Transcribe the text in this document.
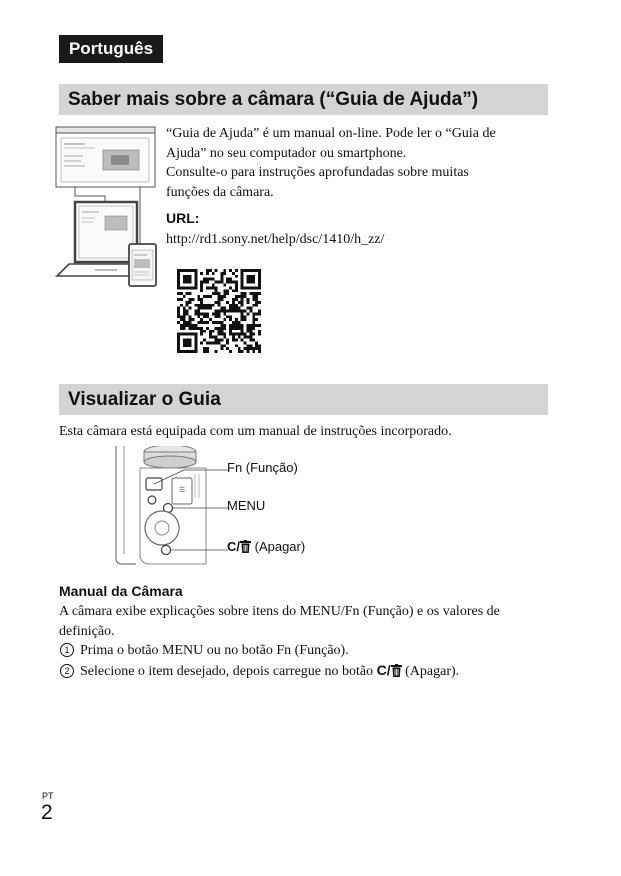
Português
Saber mais sobre a câmara (“Guia de Ajuda”)
“Guia de Ajuda” é um manual on-line. Pode ler o “Guia de
Ajuda” no seu computador ou smartphone.
Consulte-o para instruções aprofundadas sobre muitas
funções da câmara.
URL:
http://rd1.sony.net/help/dsc/1410/h_zz/
Visualizar o Guia
Esta câmara está equipada com um manual de instruções incorporado.
☰
Fn (Função)
MENU
C/ (Apagar)
Manual da Câmara
A câmara exibe explicações sobre itens do MENU/Fn (Função) e os valores de
definição.
1 Prima o botão MENU ou no botão Fn (Função).
2 Selecione o item desejado, depois carregue no botão C/ (Apagar).
PT
2
